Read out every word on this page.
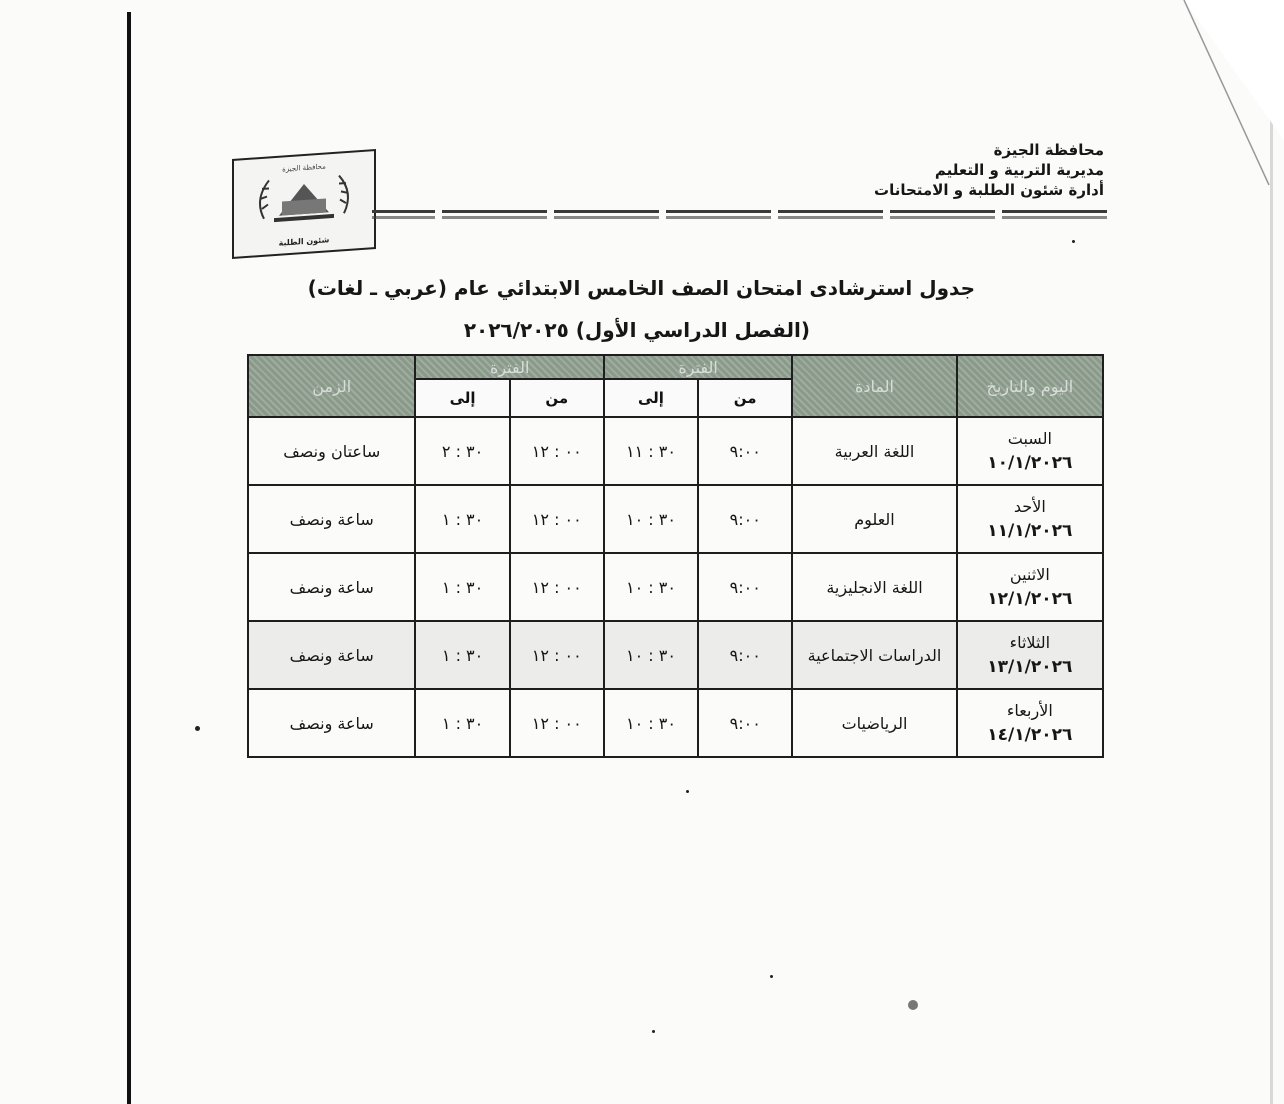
محافظة الجيزة
مديرية التربية و التعليم
أدارة شئون الطلبة و الامتحانات
محافظة الجيزة
شئون الطلبة
جدول استرشادى امتحان الصف الخامس الابتدائي عام (عربي ـ لغات)
(الفصل الدراسي الأول) ٢٠٢٦/٢٠٢٥
اليوم والتاريخ	المادة	الفترة		الفترة		الزمن
		من	إلى	من	إلى	

السبت
١٠/١/٢٠٢٦	اللغة العربية	٩:٠٠	١١ : ٣٠	١٢ : ٠٠	٢ : ٣٠	ساعتان ونصف

الأحد
١١/١/٢٠٢٦	العلوم	٩:٠٠	١٠ : ٣٠	١٢ : ٠٠	١ : ٣٠	ساعة ونصف

الاثنين
١٢/١/٢٠٢٦	اللغة الانجليزية	٩:٠٠	١٠ : ٣٠	١٢ : ٠٠	١ : ٣٠	ساعة ونصف

الثلاثاء
١٣/١/٢٠٢٦	الدراسات الاجتماعية	٩:٠٠	١٠ : ٣٠	١٢ : ٠٠	١ : ٣٠	ساعة ونصف

الأربعاء
١٤/١/٢٠٢٦	الرياضيات	٩:٠٠	١٠ : ٣٠	١٢ : ٠٠	١ : ٣٠	ساعة ونصف
